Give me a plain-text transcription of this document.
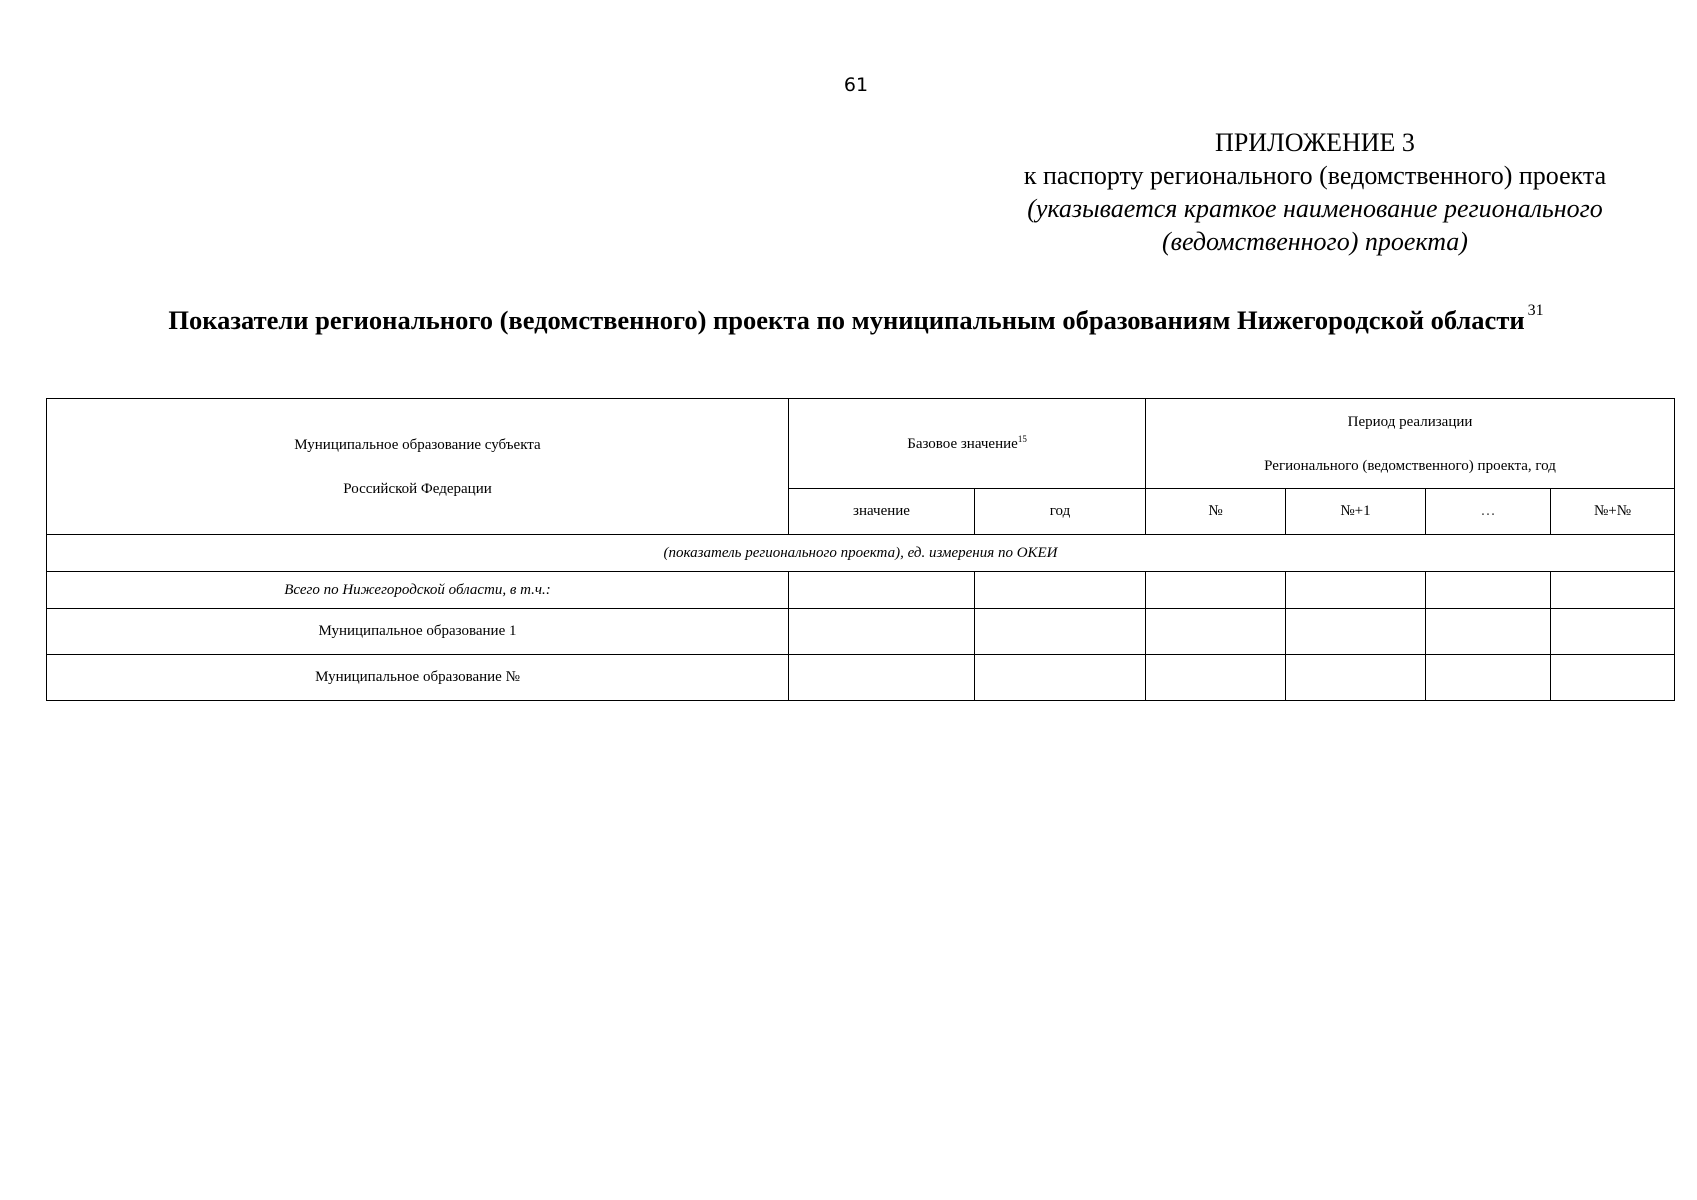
61
ПРИЛОЖЕНИЕ 3
к паспорту регионального (ведомственного) проекта
(указывается краткое наименование регионального
(ведомственного) проекта)
Показатели регионального (ведомственного) проекта по муниципальным образованиям Нижегородской области $^{31}$
Муниципальное образование субъекта
Российской Федерации	Базовое значение$^{15}$		Период реализации
Регионального (ведомственного) проекта, год			
	значение	год	№	№+1	…	№+№
(показатель регионального проекта), ед. измерения по ОКЕИ						
Всего по Нижегородской области, в т.ч.:						
Муниципальное образование 1						
Муниципальное образование №						
